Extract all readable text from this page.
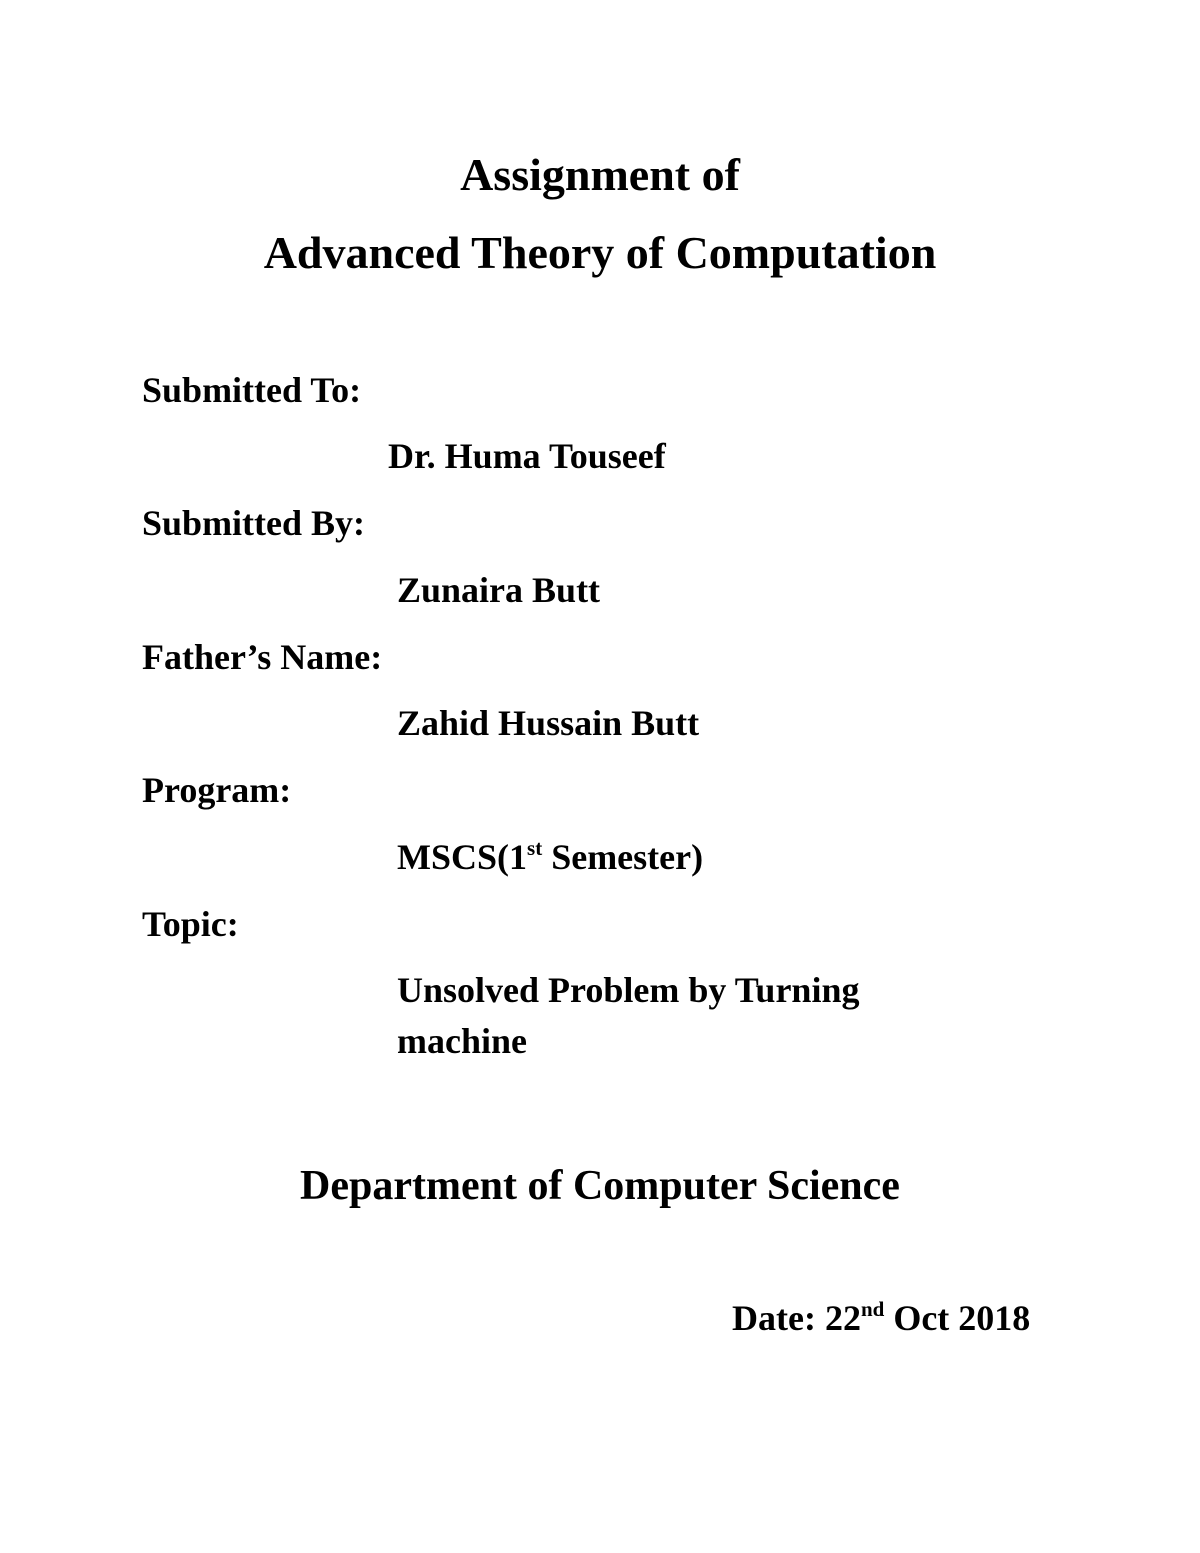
Assignment of
Advanced Theory of Computation
Submitted To:
Dr. Huma Touseef
Submitted By:
Zunaira Butt
Father’s Name:
Zahid Hussain Butt
Program:
MSCS(1st Semester)
Topic:
Unsolved Problem by Turning
machine
Department of Computer Science
Date: 22nd Oct 2018
